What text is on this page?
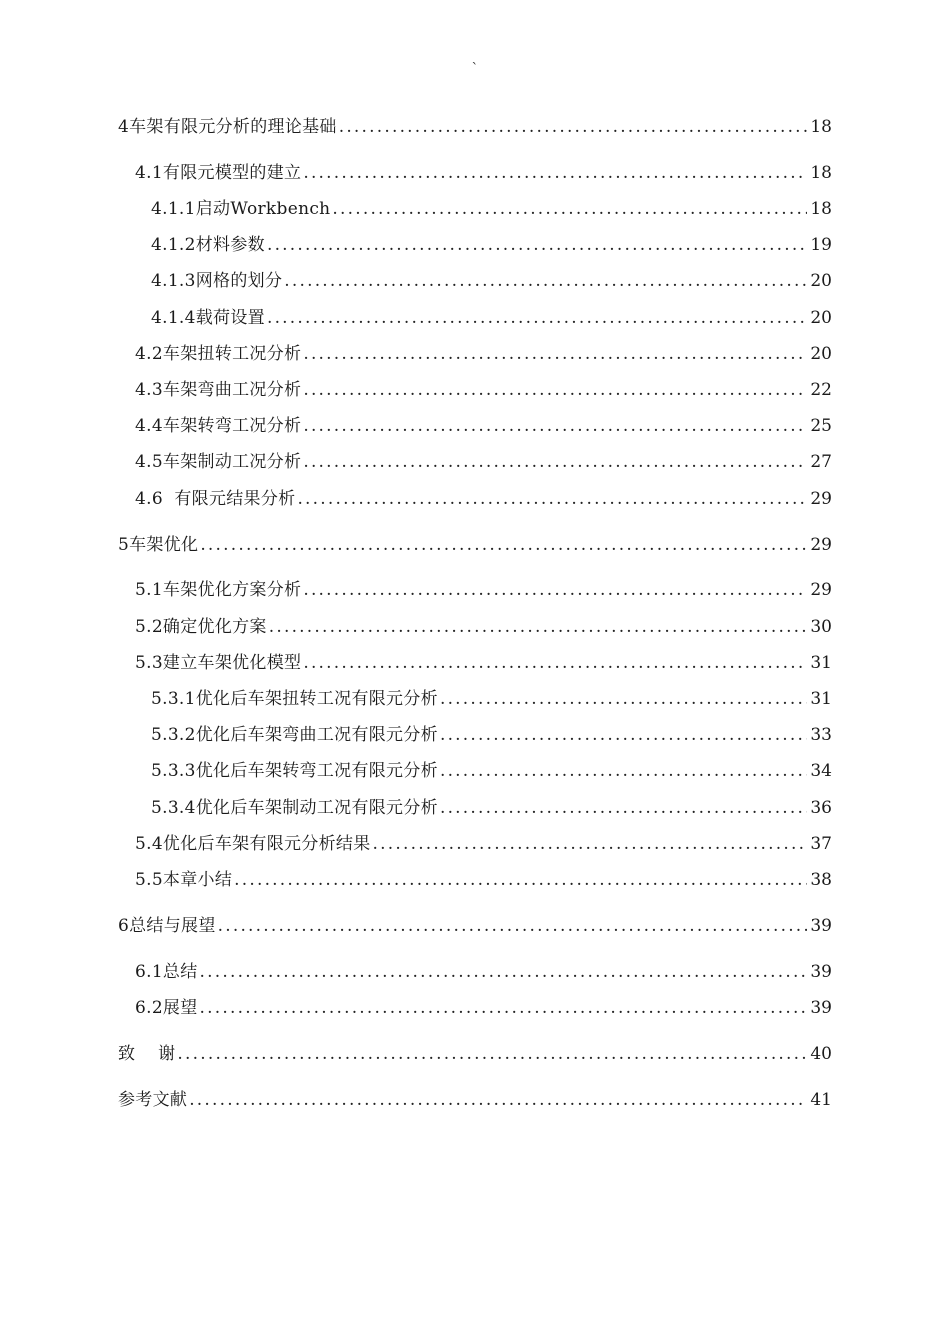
`
4车架有限元分析的理论基础 . . .	18
4.1有限元模型的建立 . . .	18
4.1.1启动Workbench . . .	18
4.1.2材料参数 . . .	19
4.1.3网格的划分 . . .	20
4.1.4载荷设置 . . .	20
4.2车架扭转工况分析 . . .	20
4.3车架弯曲工况分析 . . .	22
4.4车架转弯工况分析 . . .	25
4.5车架制动工况分析 . . .	27
4.6  有限元结果分析 . . .	29
5车架优化 . . .	29
5.1车架优化方案分析 . . .	29
5.2确定优化方案 . . .	30
5.3建立车架优化模型 . . .	31
5.3.1优化后车架扭转工况有限元分析 . . .	31
5.3.2优化后车架弯曲工况有限元分析 . . .	33
5.3.3优化后车架转弯工况有限元分析 . . .	34
5.3.4优化后车架制动工况有限元分析 . . .	36
5.4优化后车架有限元分析结果 . . .	37
5.5本章小结 . . .	38
6总结与展望 . . .	39
6.1总结 . . .	39
6.2展望 . . .	39
致    谢 . . .	40
参考文献 . . .	41
